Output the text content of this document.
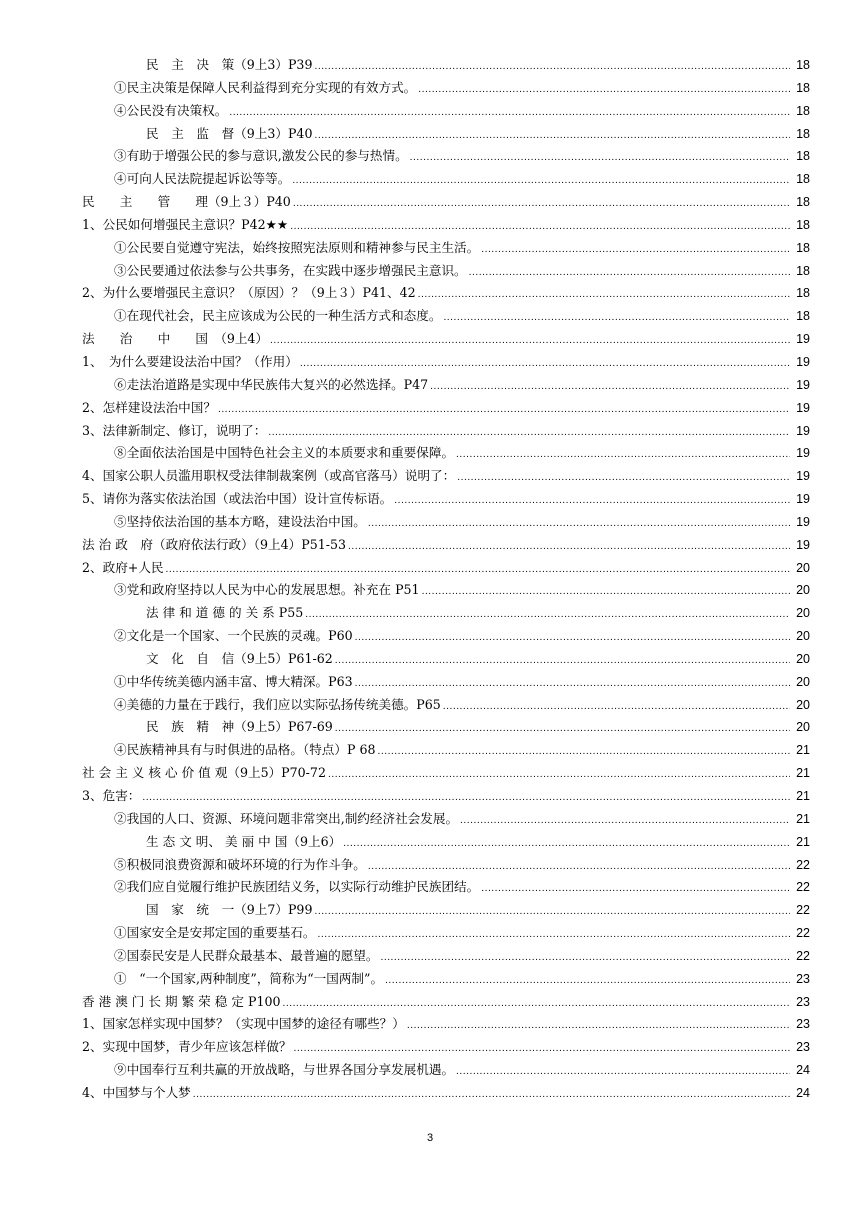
民　主　决　策（9上3）P39 .....	18
①民主决策是保障人民利益得到充分实现的有效方式。 .....	18
④公民没有决策权。 .....	18
民　主　监　督（9上3）P40 .....	18
③有助于增强公民的参与意识,激发公民的参与热情。 .....	18
④可向人民法院提起诉讼等等。 .....	18
民　　主　　管　　理（9上３）P40 .....	18
1、公民如何增强民主意识？P42★★ .....	18
①公民要自觉遵守宪法，始终按照宪法原则和精神参与民主生活。 .....	18
③公民要通过依法参与公共事务，在实践中逐步增强民主意识。 .....	18
2、为什么要增强民主意识？（原因）？（9上３）P41、42 .....	18
①在现代社会，民主应该成为公民的一种生活方式和态度。 .....	18
法　　治　　中　　国　（9上4） .....	19
1、　为什么要建设法治中国？（作用） .....	19
⑥走法治道路是实现中华民族伟大复兴的必然选择。P47 .....	19
2、怎样建设法治中国？ .....	19
3、法律新制定、修订，说明了： .....	19
⑧全面依法治国是中国特色社会主义的本质要求和重要保障。 .....	19
4、国家公职人员滥用职权受法律制裁案例（或高官落马）说明了： .....	19
5、请你为落实依法治国（或法治中国）设计宣传标语。 .....	19
⑤坚持依法治国的基本方略，建设法治中国。 .....	19
法 治 政　府（政府依法行政）（9上4）P51-53 .....	19
2、政府+人民 .....	20
③党和政府坚持以人民为中心的发展思想。补充在 P51 .....	20
法 律 和 道 德 的 关 系 P55 .....	20
②文化是一个国家、一个民族的灵魂。P60 .....	20
文　化　自　信（9上5）P61-62 .....	20
①中华传统美德内涵丰富、博大精深。P63 .....	20
④美德的力量在于践行，我们应以实际弘扬传统美德。P65 .....	20
民　族　精　神（9上5）P67-69 .....	20
④民族精神具有与时俱进的品格。（特点）P 68 .....	21
社 会 主 义 核 心 价 值 观（9上5）P70-72 .....	21
3、危害： .....	21
②我国的人口、资源、环境问题非常突出,制约经济社会发展。 .....	21
生 态 文 明、 美 丽 中 国（9上6） .....	21
⑤积极同浪费资源和破坏环境的行为作斗争。 .....	22
②我们应自觉履行维护民族团结义务，以实际行动维护民族团结。 .....	22
国　家　统　一（9上7）P99 .....	22
①国家安全是安邦定国的重要基石。 .....	22
②国泰民安是人民群众最基本、最普遍的愿望。 .....	22
①　“一个国家,两种制度”，简称为“一国两制”。 .....	23
香 港 澳 门 长 期 繁 荣 稳 定 P100 .....	23
1、国家怎样实现中国梦？（实现中国梦的途径有哪些？） .....	23
2、实现中国梦，青少年应该怎样做？ .....	23
⑨中国奉行互利共赢的开放战略，与世界各国分享发展机遇。 .....	24
4、中国梦与个人梦 .....	24
3
